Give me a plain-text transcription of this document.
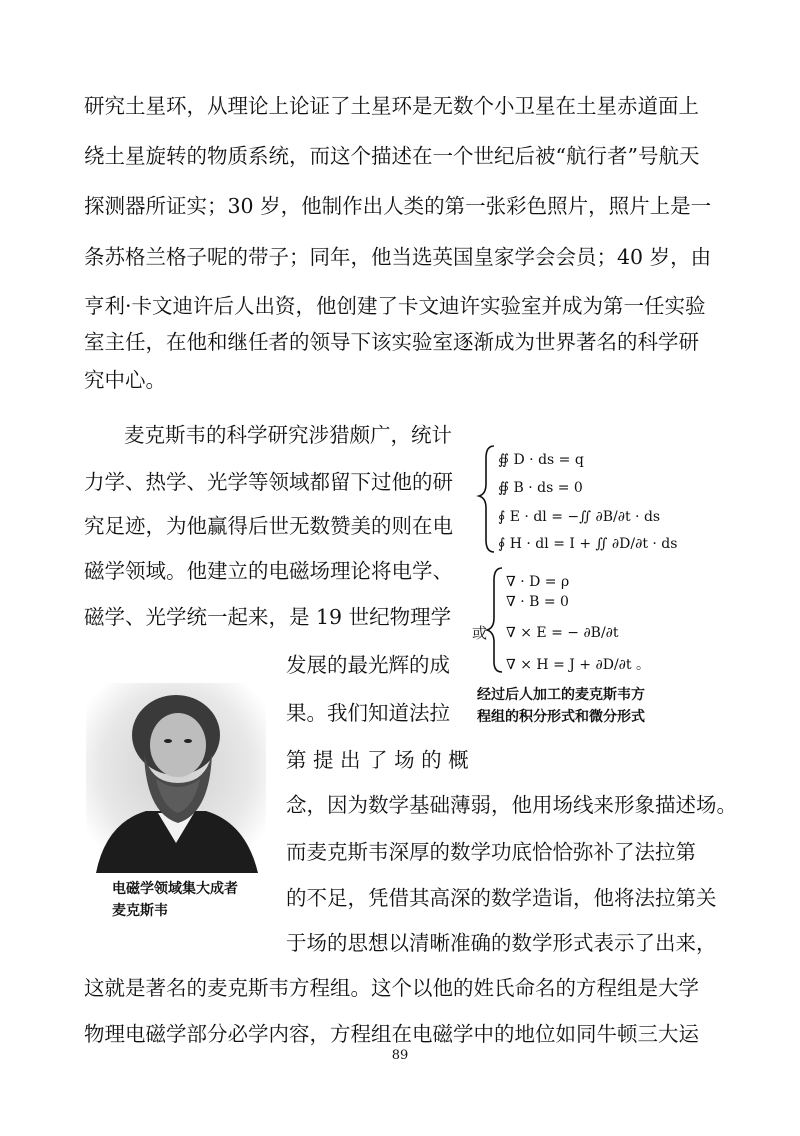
研究土星环，从理论上论证了土星环是无数个小卫星在土星赤道面上
绕土星旋转的物质系统，而这个描述在一个世纪后被“航行者”号航天
探测器所证实；30 岁，他制作出人类的第一张彩色照片，照片上是一
条苏格兰格子呢的带子；同年，他当选英国皇家学会会员；40 岁，由
亨利·卡文迪许后人出资，他创建了卡文迪许实验室并成为第一任实验
室主任，在他和继任者的领导下该实验室逐渐成为世界著名的科学研
究中心。
麦克斯韦的科学研究涉猎颇广，统计
力学、热学、光学等领域都留下过他的研
究足迹，为他赢得后世无数赞美的则在电
磁学领域。他建立的电磁场理论将电学、
磁学、光学统一起来，是 19 世纪物理学
发展的最光辉的成
果。我们知道法拉
第 提 出 了 场 的 概
念，因为数学基础薄弱，他用场线来形象描述场。
而麦克斯韦深厚的数学功底恰恰弥补了法拉第
的不足，凭借其高深的数学造诣，他将法拉第关
于场的思想以清晰准确的数学形式表示了出来，
这就是著名的麦克斯韦方程组。这个以他的姓氏命名的方程组是大学
物理电磁学部分必学内容，方程组在电磁学中的地位如同牛顿三大运
∯ D · ds = q
∯ B · ds = 0
∮ E · dl = −∬ ∂B/∂t · ds
∮ H · dl = I + ∬ ∂D/∂t · ds
或
∇ · D = ρ
∇ · B = 0
∇ × E = − ∂B/∂t
∇ × H = J + ∂D/∂t 。
经过后人加工的麦克斯韦方
程组的积分形式和微分形式
电磁学领域集大成者
麦克斯韦
89
